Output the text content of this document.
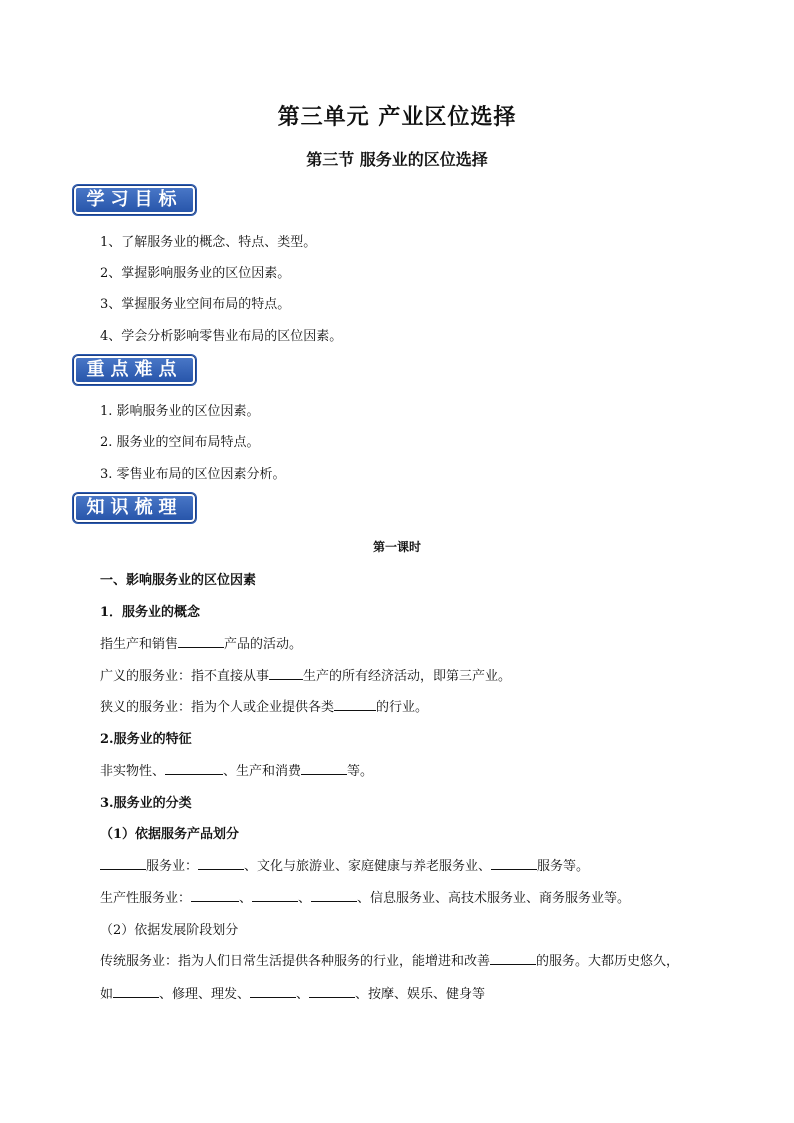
第三单元 产业区位选择
第三节 服务业的区位选择
学习目标
1、了解服务业的概念、特点、类型。
2、掌握影响服务业的区位因素。
3、掌握服务业空间布局的特点。
4、学会分析影响零售业布局的区位因素。
重点难点
1. 影响服务业的区位因素。
2. 服务业的空间布局特点。
3. 零售业布局的区位因素分析。
知识梳理
第一课时
一、影响服务业的区位因素
1．服务业的概念
指生产和销售	产品的活动。
广义的服务业：指不直接从事	生产的所有经济活动，即第三产业。
狭义的服务业：指为个人或企业提供各类	的行业。
2.服务业的特征
非实物性、	、生产和消费	等。
3.服务业的分类
（1）依据服务产品划分
服务业：	、文化与旅游业、家庭健康与养老服务业、	服务等。
生产性服务业：	、	、	、信息服务业、高技术服务业、商务服务业等。
（2）依据发展阶段划分
传统服务业：指为人们日常生活提供各种服务的行业，能增进和改善	的服务。大都历史悠久，
如	、修理、理发、	、	、按摩、娱乐、健身等
